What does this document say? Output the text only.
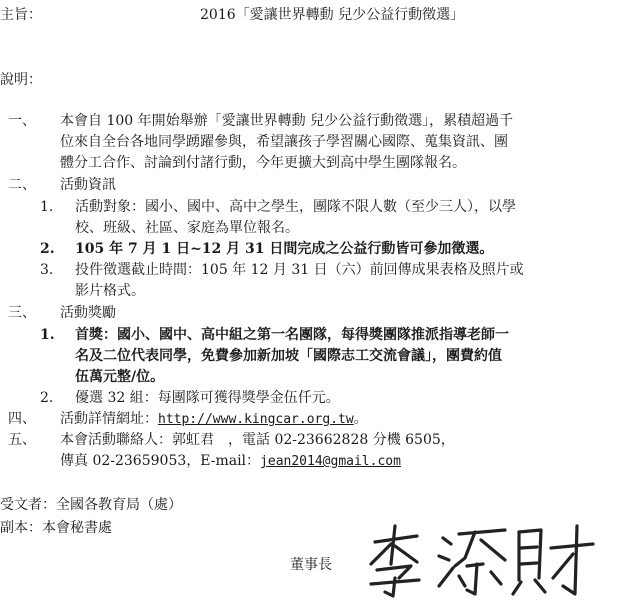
主旨：	2016「愛讓世界轉動 兒少公益行動徵選」
說明：
一、 本會自 100 年開始舉辦「愛讓世界轉動 兒少公益行動徵選」，累積超過千
位來自全台各地同學踴躍參與，希望讓孩子學習關心國際、蒐集資訊、團
體分工合作、討論到付諸行動，今年更擴大到高中學生團隊報名。
二、 活動資訊
1. 活動對象：國小、國中、高中之學生，團隊不限人數（至少三人），以學
校、班級、社區、家庭為單位報名。
2. 105 年 7 月 1 日~12 月 31 日間完成之公益行動皆可參加徵選。
3. 投件徵選截止時間：105 年 12 月 31 日（六）前回傳成果表格及照片或
影片格式。
三、 活動獎勵
1. 首獎：國小、國中、高中組之第一名團隊，每得獎團隊推派指導老師一
名及二位代表同學，免費參加新加坡「國際志工交流會議」，團費約值
伍萬元整/位。
2. 優選 32 組：每團隊可獲得獎學金伍仟元。
四、 活動詳情網址：http://www.kingcar.org.tw。
五、 本會活動聯絡人：郭虹君　，電話 02-23662828 分機 6505，
傳真 02-23659053，E-mail：jean2014@gmail.com
受文者：全國各教育局（處）
副本：本會秘書處
董事長
